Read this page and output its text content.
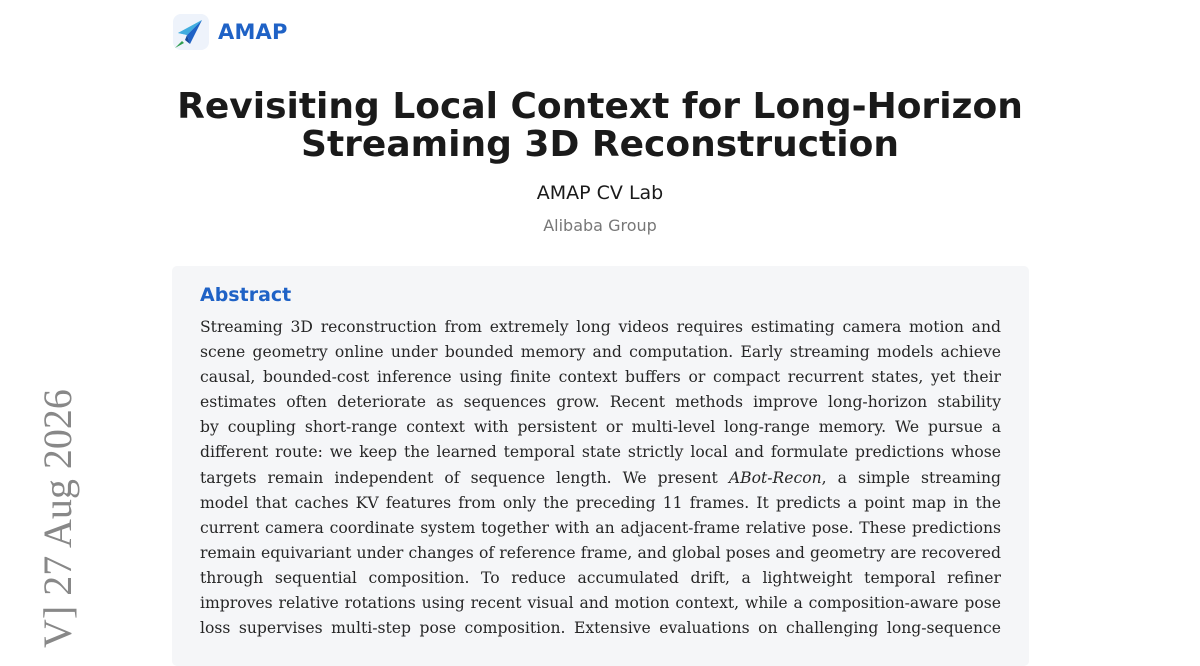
AMAP
Revisiting Local Context for Long-Horizon
Streaming 3D Reconstruction
AMAP CV Lab
Alibaba Group
Abstract
Streaming 3D reconstruction from extremely long videos requires estimating camera motion and
scene geometry online under bounded memory and computation. Early streaming models achieve
causal, bounded-cost inference using finite context buffers or compact recurrent states, yet their
estimates often deteriorate as sequences grow. Recent methods improve long-horizon stability
by coupling short-range context with persistent or multi-level long-range memory. We pursue a
different route: we keep the learned temporal state strictly local and formulate predictions whose
targets remain independent of sequence length. We present ABot-Recon, a simple streaming
model that caches KV features from only the preceding 11 frames. It predicts a point map in the
current camera coordinate system together with an adjacent-frame relative pose. These predictions
remain equivariant under changes of reference frame, and global poses and geometry are recovered
through sequential composition. To reduce accumulated drift, a lightweight temporal refiner
improves relative rotations using recent visual and motion context, while a composition-aware pose
loss supervises multi-step pose composition. Extensive evaluations on challenging long-sequence
V] 27 Aug 2026
